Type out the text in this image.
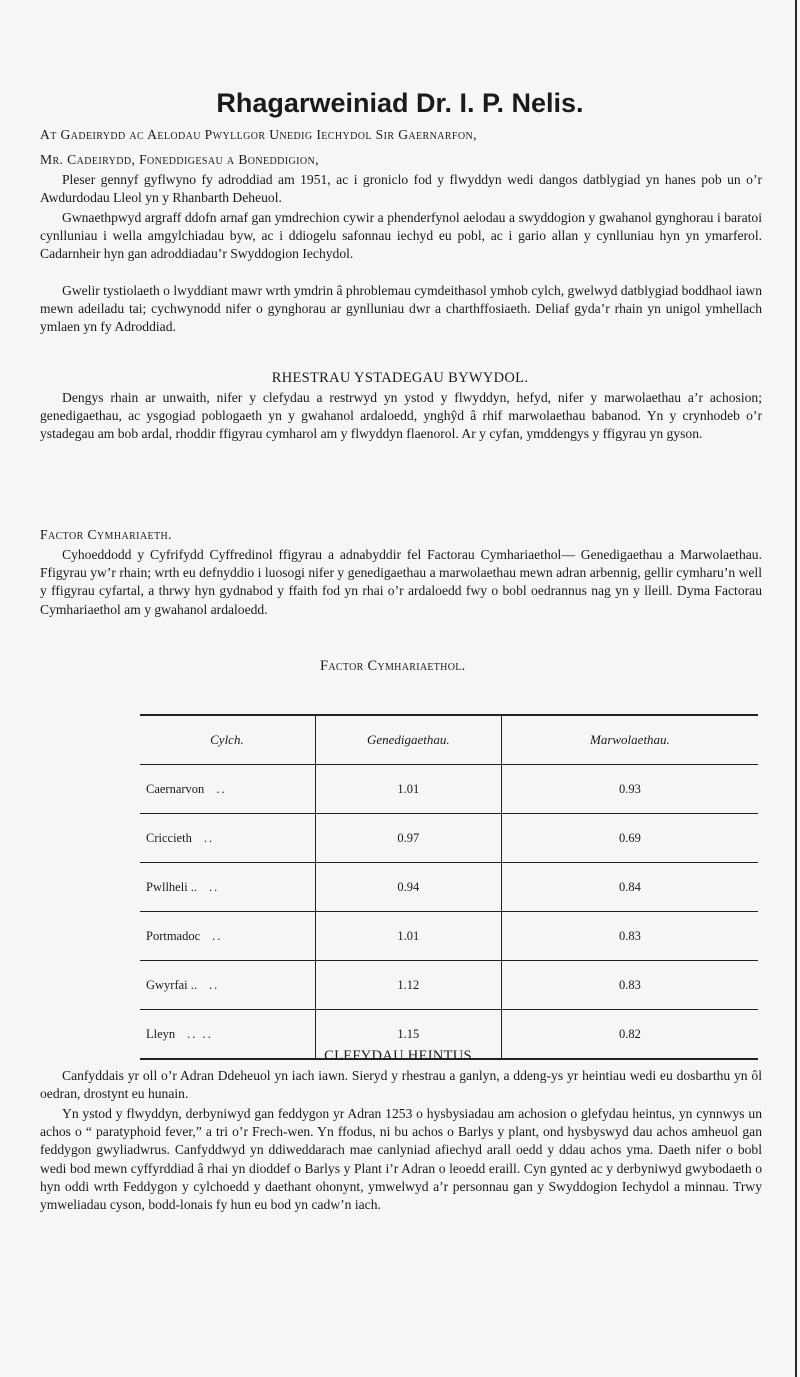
Rhagarweiniad Dr. I. P. Nelis.

At Gadeirydd ac Aelodau Pwyllgor Unedig Iechydol Sir Gaernarfon,

Mr. Cadeirydd, Foneddigesau a Boneddigion,

Pleser gennyf gyflwyno fy adroddiad am 1951, ac i groniclo fod y flwyddyn wedi dangos datblygiad yn hanes pob un o’r Awdurdodau Lleol yn y Rhanbarth Deheuol.

Gwnaethpwyd argraff ddofn arnaf gan ymdrechion cywir a phenderfynol aelodau a swyddogion y gwahanol gynghorau i baratoi cynlluniau i wella amgylchiadau byw, ac i ddiogelu safonnau iechyd eu pobl, ac i gario allan y cynlluniau hyn yn ymarferol. Cadarnheir hyn gan adroddiadau’r Swyddogion Iechydol.

Gwelir tystiolaeth o lwyddiant mawr wrth ymdrin â phroblemau cymdeithasol ymhob cylch, gwelwyd datblygiad boddhaol iawn mewn adeiladu tai; cychwynodd nifer o gynghorau ar gynlluniau dwr a charthffosiaeth. Deliaf gyda’r rhain yn unigol ymhellach ymlaen yn fy Adroddiad.

RHESTRAU YSTADEGAU BYWYDOL.

Dengys rhain ar unwaith, nifer y clefydau a restrwyd yn ystod y flwyddyn, hefyd, nifer y marwolaethau a’r achosion; genedigaethau, ac ysgogiad poblogaeth yn y gwahanol ardaloedd, ynghŷd â rhif marwolaethau babanod. Yn y crynhodeb o’r ystadegau am bob ardal, rhoddir ffigyrau cymharol am y flwyddyn flaenorol. Ar y cyfan, ymddengys y ffigyrau yn gyson.

Factor Cymhariaeth.

Cyhoeddodd y Cyfrifydd Cyffredinol ffigyrau a adnabyddir fel Factorau Cymhariaethol— Genedigaethau a Marwolaethau. Ffigyrau yw’r rhain; wrth eu defnyddio i luosogi nifer y genedigaethau a marwolaethau mewn adran arbennig, gellir cymharu’n well y ffigyrau cyfartal, a thrwy hyn gydnabod y ffaith fod yn rhai o’r ardaloedd fwy o bobl oedrannus nag yn y lleill. Dyma Factorau Cymhariaethol am y gwahanol ardaloedd.

Factor Cymhariaethol.
Cylch.	Genedigaethau.	Marwolaethau.
Caernarvon ..	1.01	0.93
Criccieth ..	0.97	0.69
Pwllheli .. ..	0.94	0.84
Portmadoc ..	1.01	0.83
Gwyrfai .. ..	1.12	0.83
Lleyn .. ..	1.15	0.82
CLEFYDAU HEINTUS.

Canfyddais yr oll o’r Adran Ddeheuol yn iach iawn. Sieryd y rhestrau a ganlyn, a ddeng-ys yr heintiau wedi eu dosbarthu yn ôl oedran, drostynt eu hunain.

Yn ystod y flwyddyn, derbyniwyd gan feddygon yr Adran 1253 o hysbysiadau am achosion o glefydau heintus, yn cynnwys un achos o “ paratyphoid fever,” a tri o’r Frech-wen. Yn ffodus, ni bu achos o Barlys y plant, ond hysbyswyd dau achos amheuol gan feddygon gwyliadwrus. Canfyddwyd yn ddiweddarach mae canlyniad afiechyd arall oedd y ddau achos yma. Daeth nifer o bobl wedi bod mewn cyffyrddiad â rhai yn dioddef o Barlys y Plant i’r Adran o leoedd eraill. Cyn gynted ac y derbyniwyd gwybodaeth o hyn oddi wrth Feddygon y cylchoedd y daethant ohonynt, ymwelwyd a’r personnau gan y Swyddogion Iechydol a minnau. Trwy ymweliadau cyson, bodd-lonais fy hun eu bod yn cadw’n iach.
